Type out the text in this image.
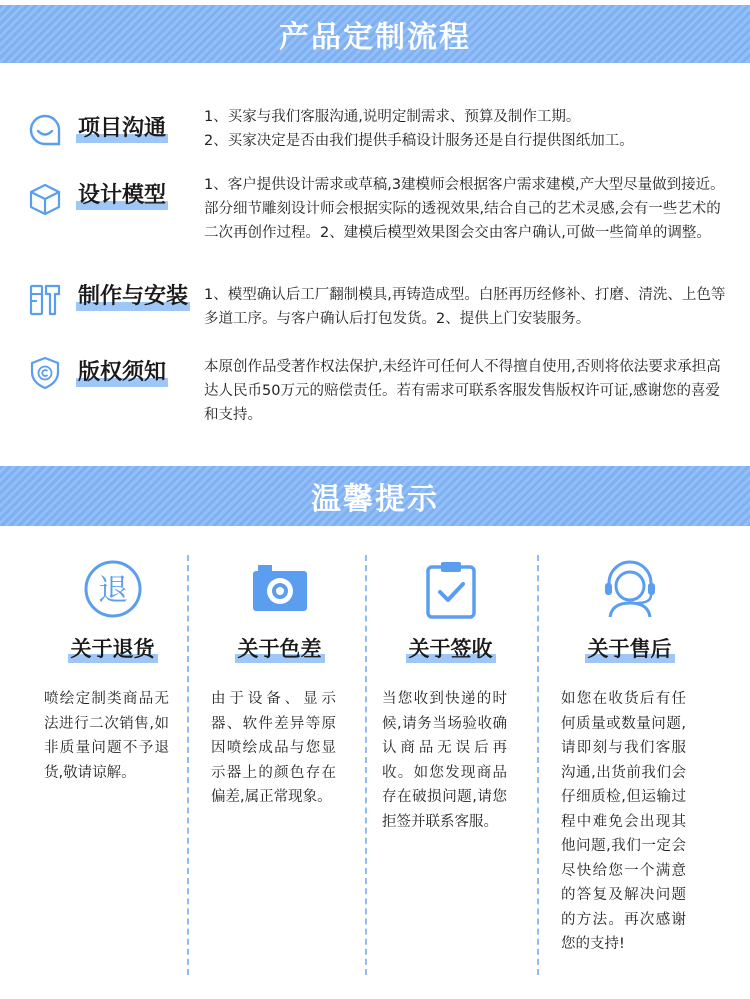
产品定制流程
项目沟通	1、买家与我们客服沟通,说明定制需求、预算及制作工期。

2、买家决定是否由我们提供手稿设计服务还是自行提供图纸加工。

设计模型	1、客户提供设计需求或草稿,3建模师会根据客户需求建模,产大型尽量做到接近。部分细节雕刻设计师会根据实际的透视效果,结合自己的艺术灵感,会有一些艺术的二次再创作过程。2、建模后模型效果图会交由客户确认,可做一些简单的调整。

制作与安装 1、模型确认后工厂翻制模具,再铸造成型。白胚再历经修补、打磨、清洗、上色等多道工序。与客户确认后打包发货。2、提供上门安装服务。

版权须知	本原创作品受著作权法保护,未经许可任何人不得擅自使用,否则将依法要求承担高达人民币50万元的赔偿责任。若有需求可联系客服发售版权许可证,感谢您的喜爱和支持。

温馨提示
退
关于退货
喷绘定制类商品无法进行二次销售,如非质量问题不予退货,敬请谅解。
关于色差
由于设备、显示器、软件差异等原因喷绘成品与您显示器上的颜色存在偏差,属正常现象。
关于签收
当您收到快递的时候,请务当场验收确认商品无误后再收。如您发现商品存在破损问题,请您拒签并联系客服。
关于售后
如您在收货后有任何质量或数量问题,请即刻与我们客服沟通,出货前我们会仔细质检,但运输过程中难免会出现其他问题,我们一定会尽快给您一个满意的答复及解决问题的方法。再次感谢您的支持!
